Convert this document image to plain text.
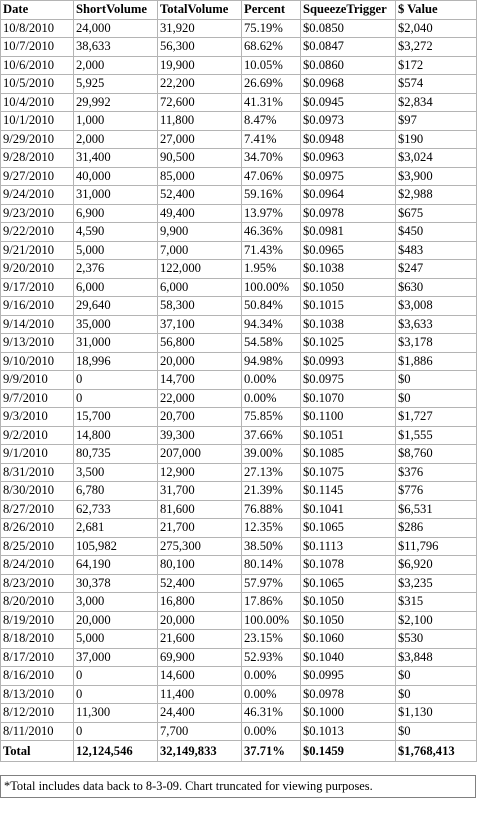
Date	ShortVolume	TotalVolume	Percent	SqueezeTrigger	$ Value
10/8/2010	24,000	31,920	75.19%	$0.0850	$2,040
10/7/2010	38,633	56,300	68.62%	$0.0847	$3,272
10/6/2010	2,000	19,900	10.05%	$0.0860	$172
10/5/2010	5,925	22,200	26.69%	$0.0968	$574
10/4/2010	29,992	72,600	41.31%	$0.0945	$2,834
10/1/2010	1,000	11,800	8.47%	$0.0973	$97
9/29/2010	2,000	27,000	7.41%	$0.0948	$190
9/28/2010	31,400	90,500	34.70%	$0.0963	$3,024
9/27/2010	40,000	85,000	47.06%	$0.0975	$3,900
9/24/2010	31,000	52,400	59.16%	$0.0964	$2,988
9/23/2010	6,900	49,400	13.97%	$0.0978	$675
9/22/2010	4,590	9,900	46.36%	$0.0981	$450
9/21/2010	5,000	7,000	71.43%	$0.0965	$483
9/20/2010	2,376	122,000	1.95%	$0.1038	$247
9/17/2010	6,000	6,000	100.00%	$0.1050	$630
9/16/2010	29,640	58,300	50.84%	$0.1015	$3,008
9/14/2010	35,000	37,100	94.34%	$0.1038	$3,633
9/13/2010	31,000	56,800	54.58%	$0.1025	$3,178
9/10/2010	18,996	20,000	94.98%	$0.0993	$1,886
9/9/2010	0	14,700	0.00%	$0.0975	$0
9/7/2010	0	22,000	0.00%	$0.1070	$0
9/3/2010	15,700	20,700	75.85%	$0.1100	$1,727
9/2/2010	14,800	39,300	37.66%	$0.1051	$1,555
9/1/2010	80,735	207,000	39.00%	$0.1085	$8,760
8/31/2010	3,500	12,900	27.13%	$0.1075	$376
8/30/2010	6,780	31,700	21.39%	$0.1145	$776
8/27/2010	62,733	81,600	76.88%	$0.1041	$6,531
8/26/2010	2,681	21,700	12.35%	$0.1065	$286
8/25/2010	105,982	275,300	38.50%	$0.1113	$11,796
8/24/2010	64,190	80,100	80.14%	$0.1078	$6,920
8/23/2010	30,378	52,400	57.97%	$0.1065	$3,235
8/20/2010	3,000	16,800	17.86%	$0.1050	$315
8/19/2010	20,000	20,000	100.00%	$0.1050	$2,100
8/18/2010	5,000	21,600	23.15%	$0.1060	$530
8/17/2010	37,000	69,900	52.93%	$0.1040	$3,848
8/16/2010	0	14,600	0.00%	$0.0995	$0
8/13/2010	0	11,400	0.00%	$0.0978	$0
8/12/2010	11,300	24,400	46.31%	$0.1000	$1,130
8/11/2010	0	7,700	0.00%	$0.1013	$0
Total	12,124,546	32,149,833	37.71%	$0.1459	$1,768,413
*Total includes data back to 8-3-09. Chart truncated for viewing purposes.
